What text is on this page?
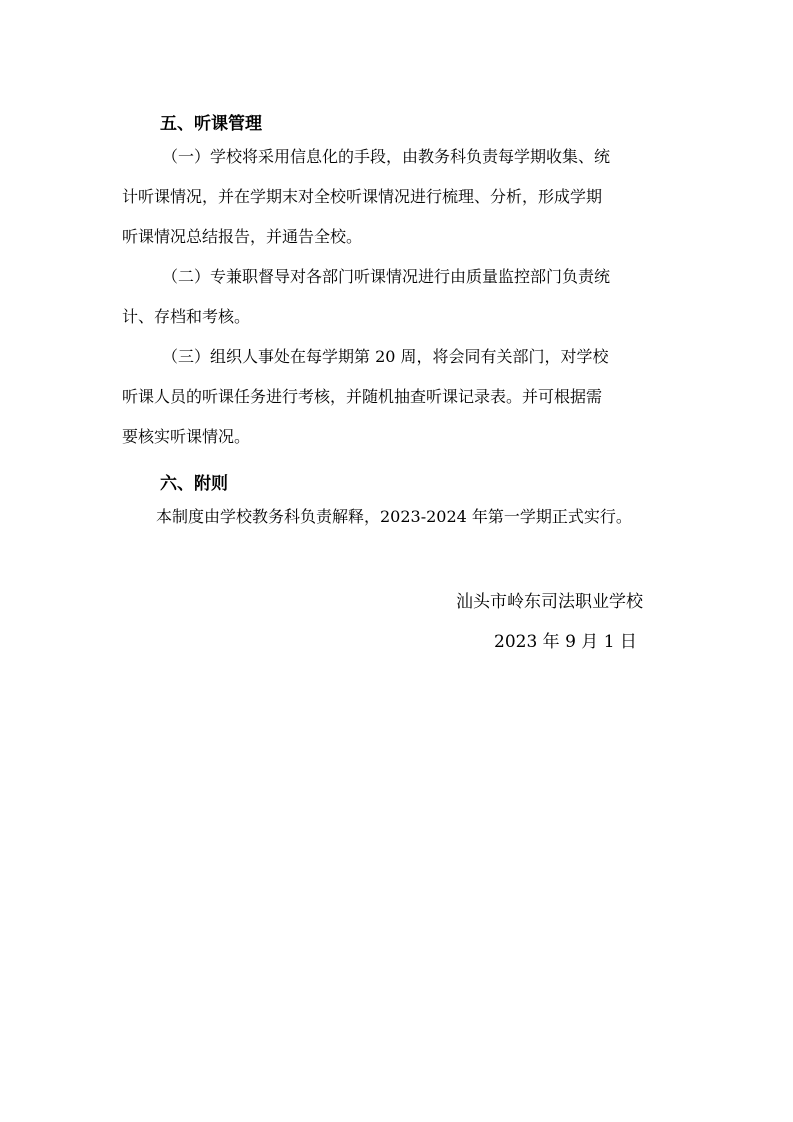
五、听课管理
（一）学校将采用信息化的手段，由教务科负责每学期收集、统
计听课情况，并在学期末对全校听课情况进行梳理、分析，形成学期
听课情况总结报告，并通告全校。
（二）专兼职督导对各部门听课情况进行由质量监控部门负责统
计、存档和考核。
（三）组织人事处在每学期第 20 周，将会同有关部门，对学校
听课人员的听课任务进行考核，并随机抽查听课记录表。并可根据需
要核实听课情况。
六、附则
本制度由学校教务科负责解释，2023-2024 年第一学期正式实行。
汕头市岭东司法职业学校
2023 年 9 月 1 日
